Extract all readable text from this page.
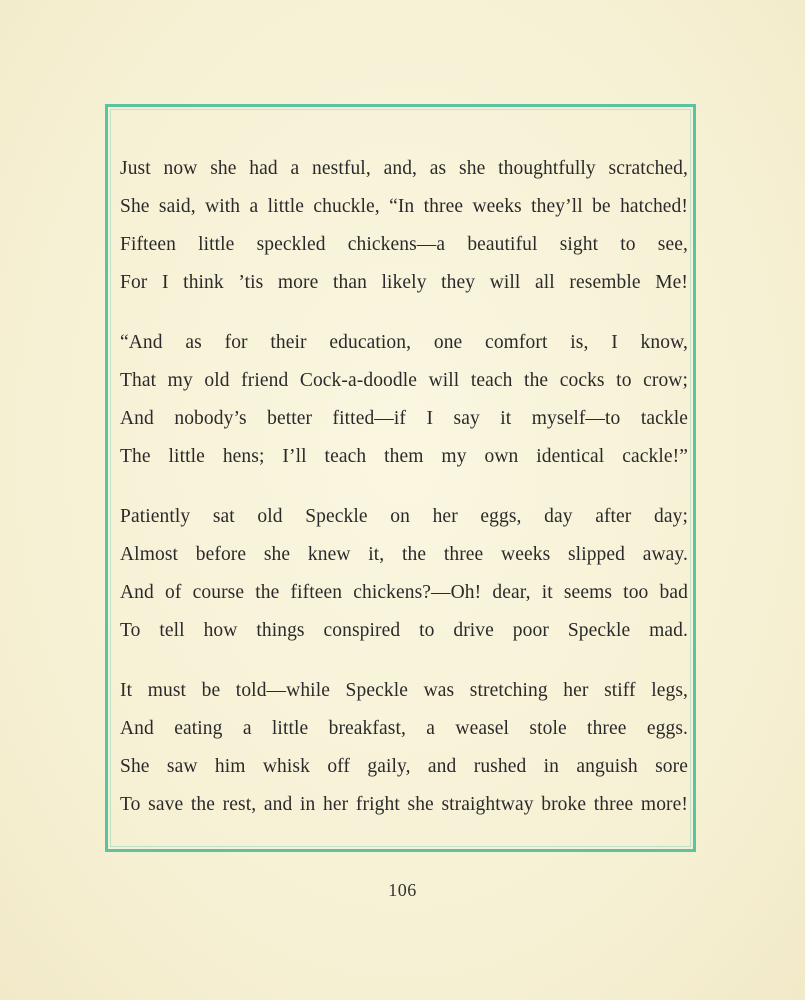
Just now she had a nestful, and, as she thoughtfully scratched,
She said, with a little chuckle, “In three weeks they’ll be hatched!
Fifteen little speckled chickens—a beautiful sight to see,
For I think ’tis more than likely they will all resemble Me!
“And as for their education, one comfort is, I know,
That my old friend Cock-a-doodle will teach the cocks to crow;
And nobody’s better fitted—if I say it myself—to tackle
The little hens; I’ll teach them my own identical cackle!”
Patiently sat old Speckle on her eggs, day after day;
Almost before she knew it, the three weeks slipped away.
And of course the fifteen chickens?—Oh! dear, it seems too bad
To tell how things conspired to drive poor Speckle mad.
It must be told—while Speckle was stretching her stiff legs,
And eating a little breakfast, a weasel stole three eggs.
She saw him whisk off gaily, and rushed in anguish sore
To save the rest, and in her fright she straightway broke three more!
106
